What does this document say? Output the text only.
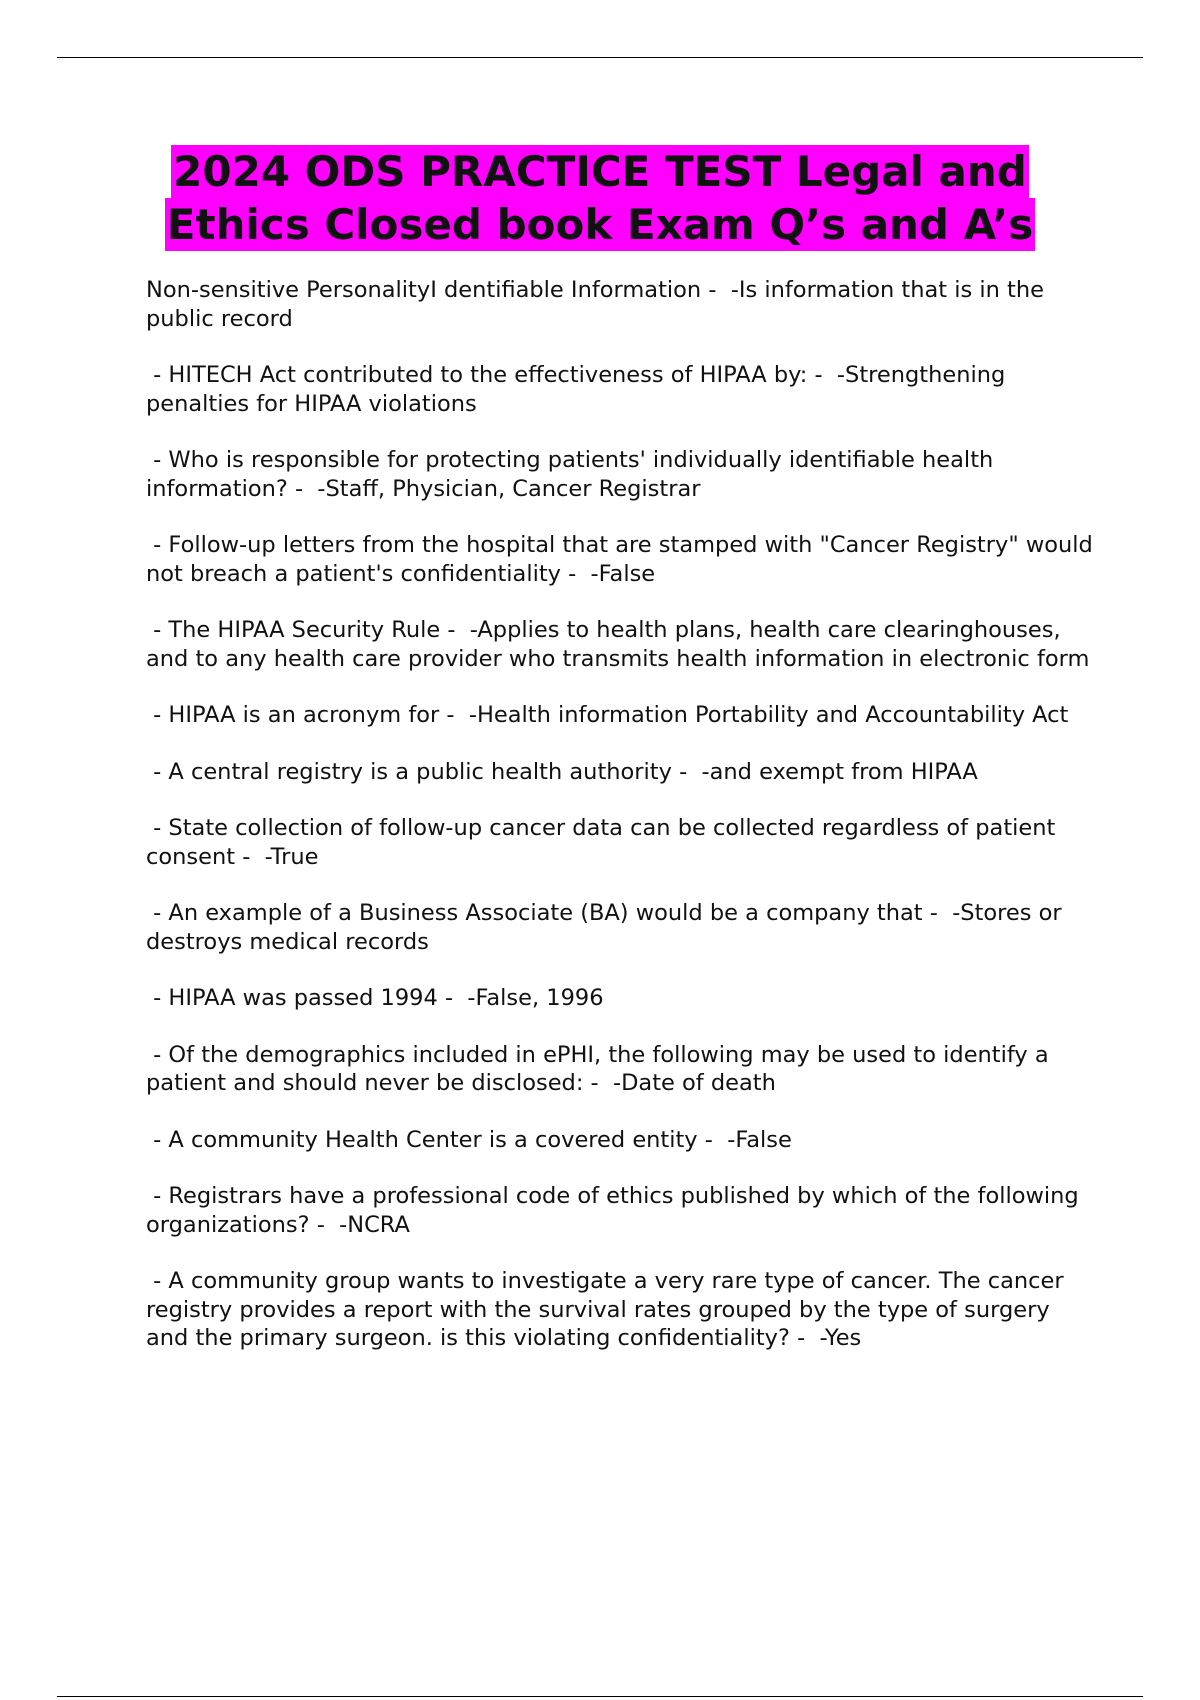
2024 ODS PRACTICE TEST Legal and
Ethics Closed book Exam Q’s and A’s

Non-sensitive PersonalityI dentifiable Information -  -Is information that is in the public record

- HITECH Act contributed to the effectiveness of HIPAA by: -  -Strengthening penalties for HIPAA violations

- Who is responsible for protecting patients' individually identifiable health information? -  -Staff, Physician, Cancer Registrar

- Follow-up letters from the hospital that are stamped with "Cancer Registry" would not breach a patient's confidentiality -  -False

- The HIPAA Security Rule -  -Applies to health plans, health care clearinghouses, and to any health care provider who transmits health information in electronic form

- HIPAA is an acronym for -  -Health information Portability and Accountability Act

- A central registry is a public health authority -  -and exempt from HIPAA

- State collection of follow-up cancer data can be collected regardless of patient consent -  -True

- An example of a Business Associate (BA) would be a company that -  -Stores or destroys medical records

- HIPAA was passed 1994 -  -False, 1996

- Of the demographics included in ePHI, the following may be used to identify a patient and should never be disclosed: -  -Date of death

- A community Health Center is a covered entity -  -False

- Registrars have a professional code of ethics published by which of the following organizations? -  -NCRA

- A community group wants to investigate a very rare type of cancer. The cancer registry provides a report with the survival rates grouped by the type of surgery and the primary surgeon. is this violating confidentiality? -  -Yes
